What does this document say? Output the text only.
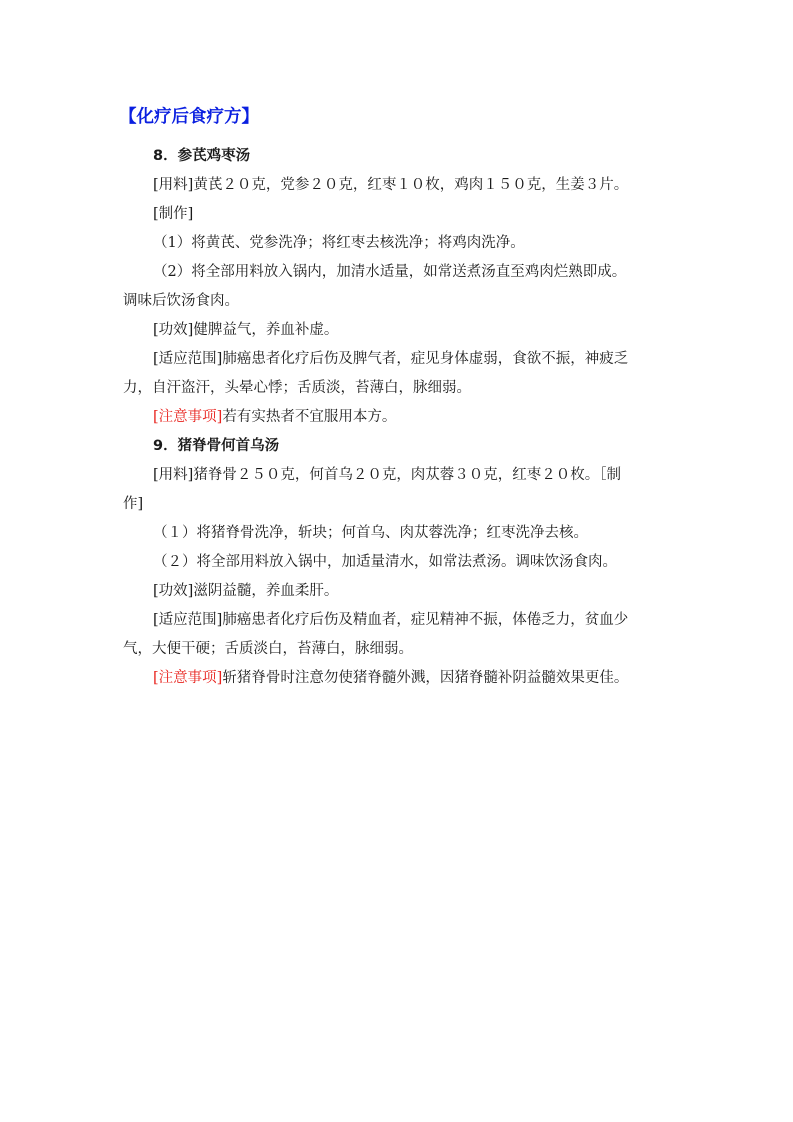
【化疗后食疗方】

8．参芪鸡枣汤

[用料]黄芪２０克，党参２０克，红枣１０枚，鸡肉１５０克，生姜３片。

[制作]

（1）将黄芪、党参洗净；将红枣去核洗净；将鸡肉洗净。

（2）将全部用料放入锅内，加清水适量，如常送煮汤直至鸡肉烂熟即成。

调味后饮汤食肉。

[功效]健脾益气，养血补虚。

[适应范围]肺癌患者化疗后伤及脾气者，症见身体虚弱，食欲不振，神疲乏

力，自汗盗汗，头晕心悸；舌质淡，苔薄白，脉细弱。

[注意事项]若有实热者不宜服用本方。

9．猪脊骨何首乌汤

[用料]猪脊骨２５０克，何首乌２０克，肉苁蓉３０克，红枣２０枚。［制

作]

（１）将猪脊骨洗净，斩块；何首乌、肉苁蓉洗净；红枣洗净去核。

（２）将全部用料放入锅中，加适量清水，如常法煮汤。调味饮汤食肉。

[功效]滋阴益髓，养血柔肝。

[适应范围]肺癌患者化疗后伤及精血者，症见精神不振，体倦乏力，贫血少

气，大便干硬；舌质淡白，苔薄白，脉细弱。

[注意事项]斩猪脊骨时注意勿使猪脊髓外溅，因猪脊髓补阴益髓效果更佳。
